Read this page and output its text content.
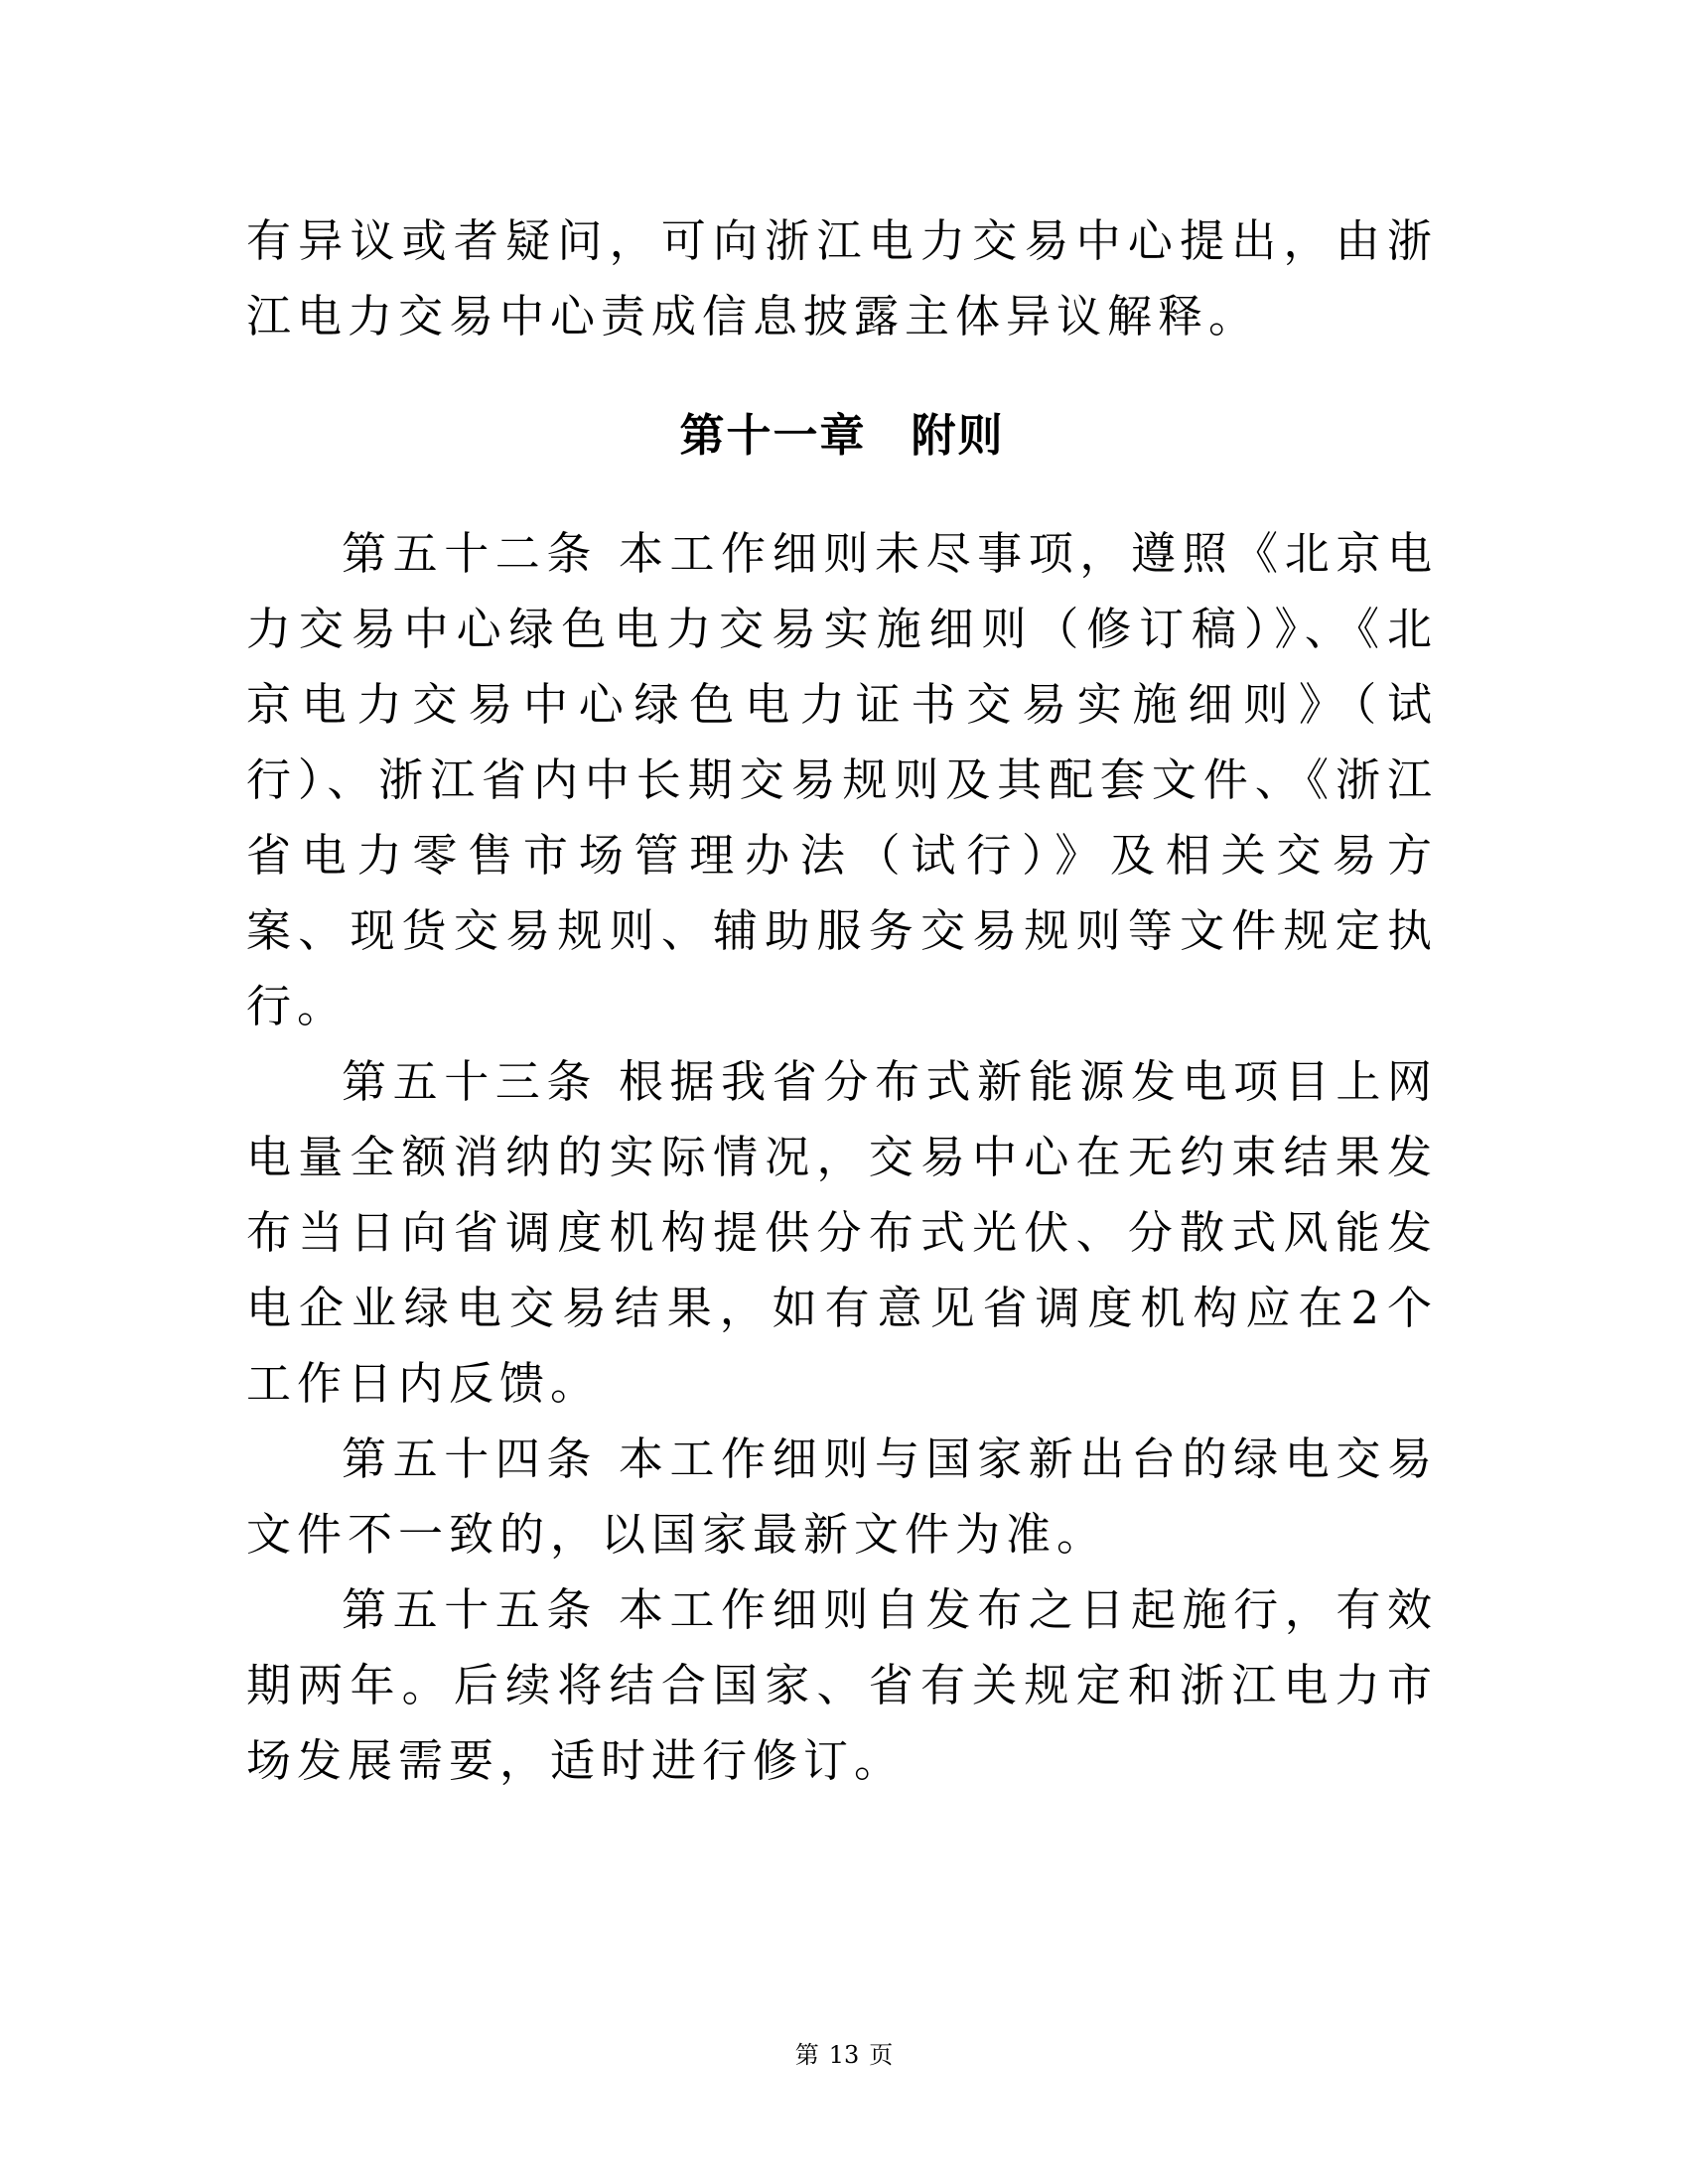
有异议或者疑问，可向浙江电力交易中心提出，由浙江电力交易中心责成信息披露主体异议解释。

第十一章 附则

第五十二条 本工作细则未尽事项，遵照《北京电力交易中心绿色电力交易实施细则（修订稿）》、《北京电力交易中心绿色电力证书交易实施细则》（试行）、浙江省内中长期交易规则及其配套文件、《浙江省电力零售市场管理办法（试行）》及相关交易方案、现货交易规则、辅助服务交易规则等文件规定执行。

第五十三条 根据我省分布式新能源发电项目上网电量全额消纳的实际情况，交易中心在无约束结果发布当日向省调度机构提供分布式光伏、分散式风能发电企业绿电交易结果，如有意见省调度机构应在2个工作日内反馈。

第五十四条 本工作细则与国家新出台的绿电交易文件不一致的，以国家最新文件为准。

第五十五条 本工作细则自发布之日起施行，有效期两年。后续将结合国家、省有关规定和浙江电力市场发展需要，适时进行修订。

第 13 页
